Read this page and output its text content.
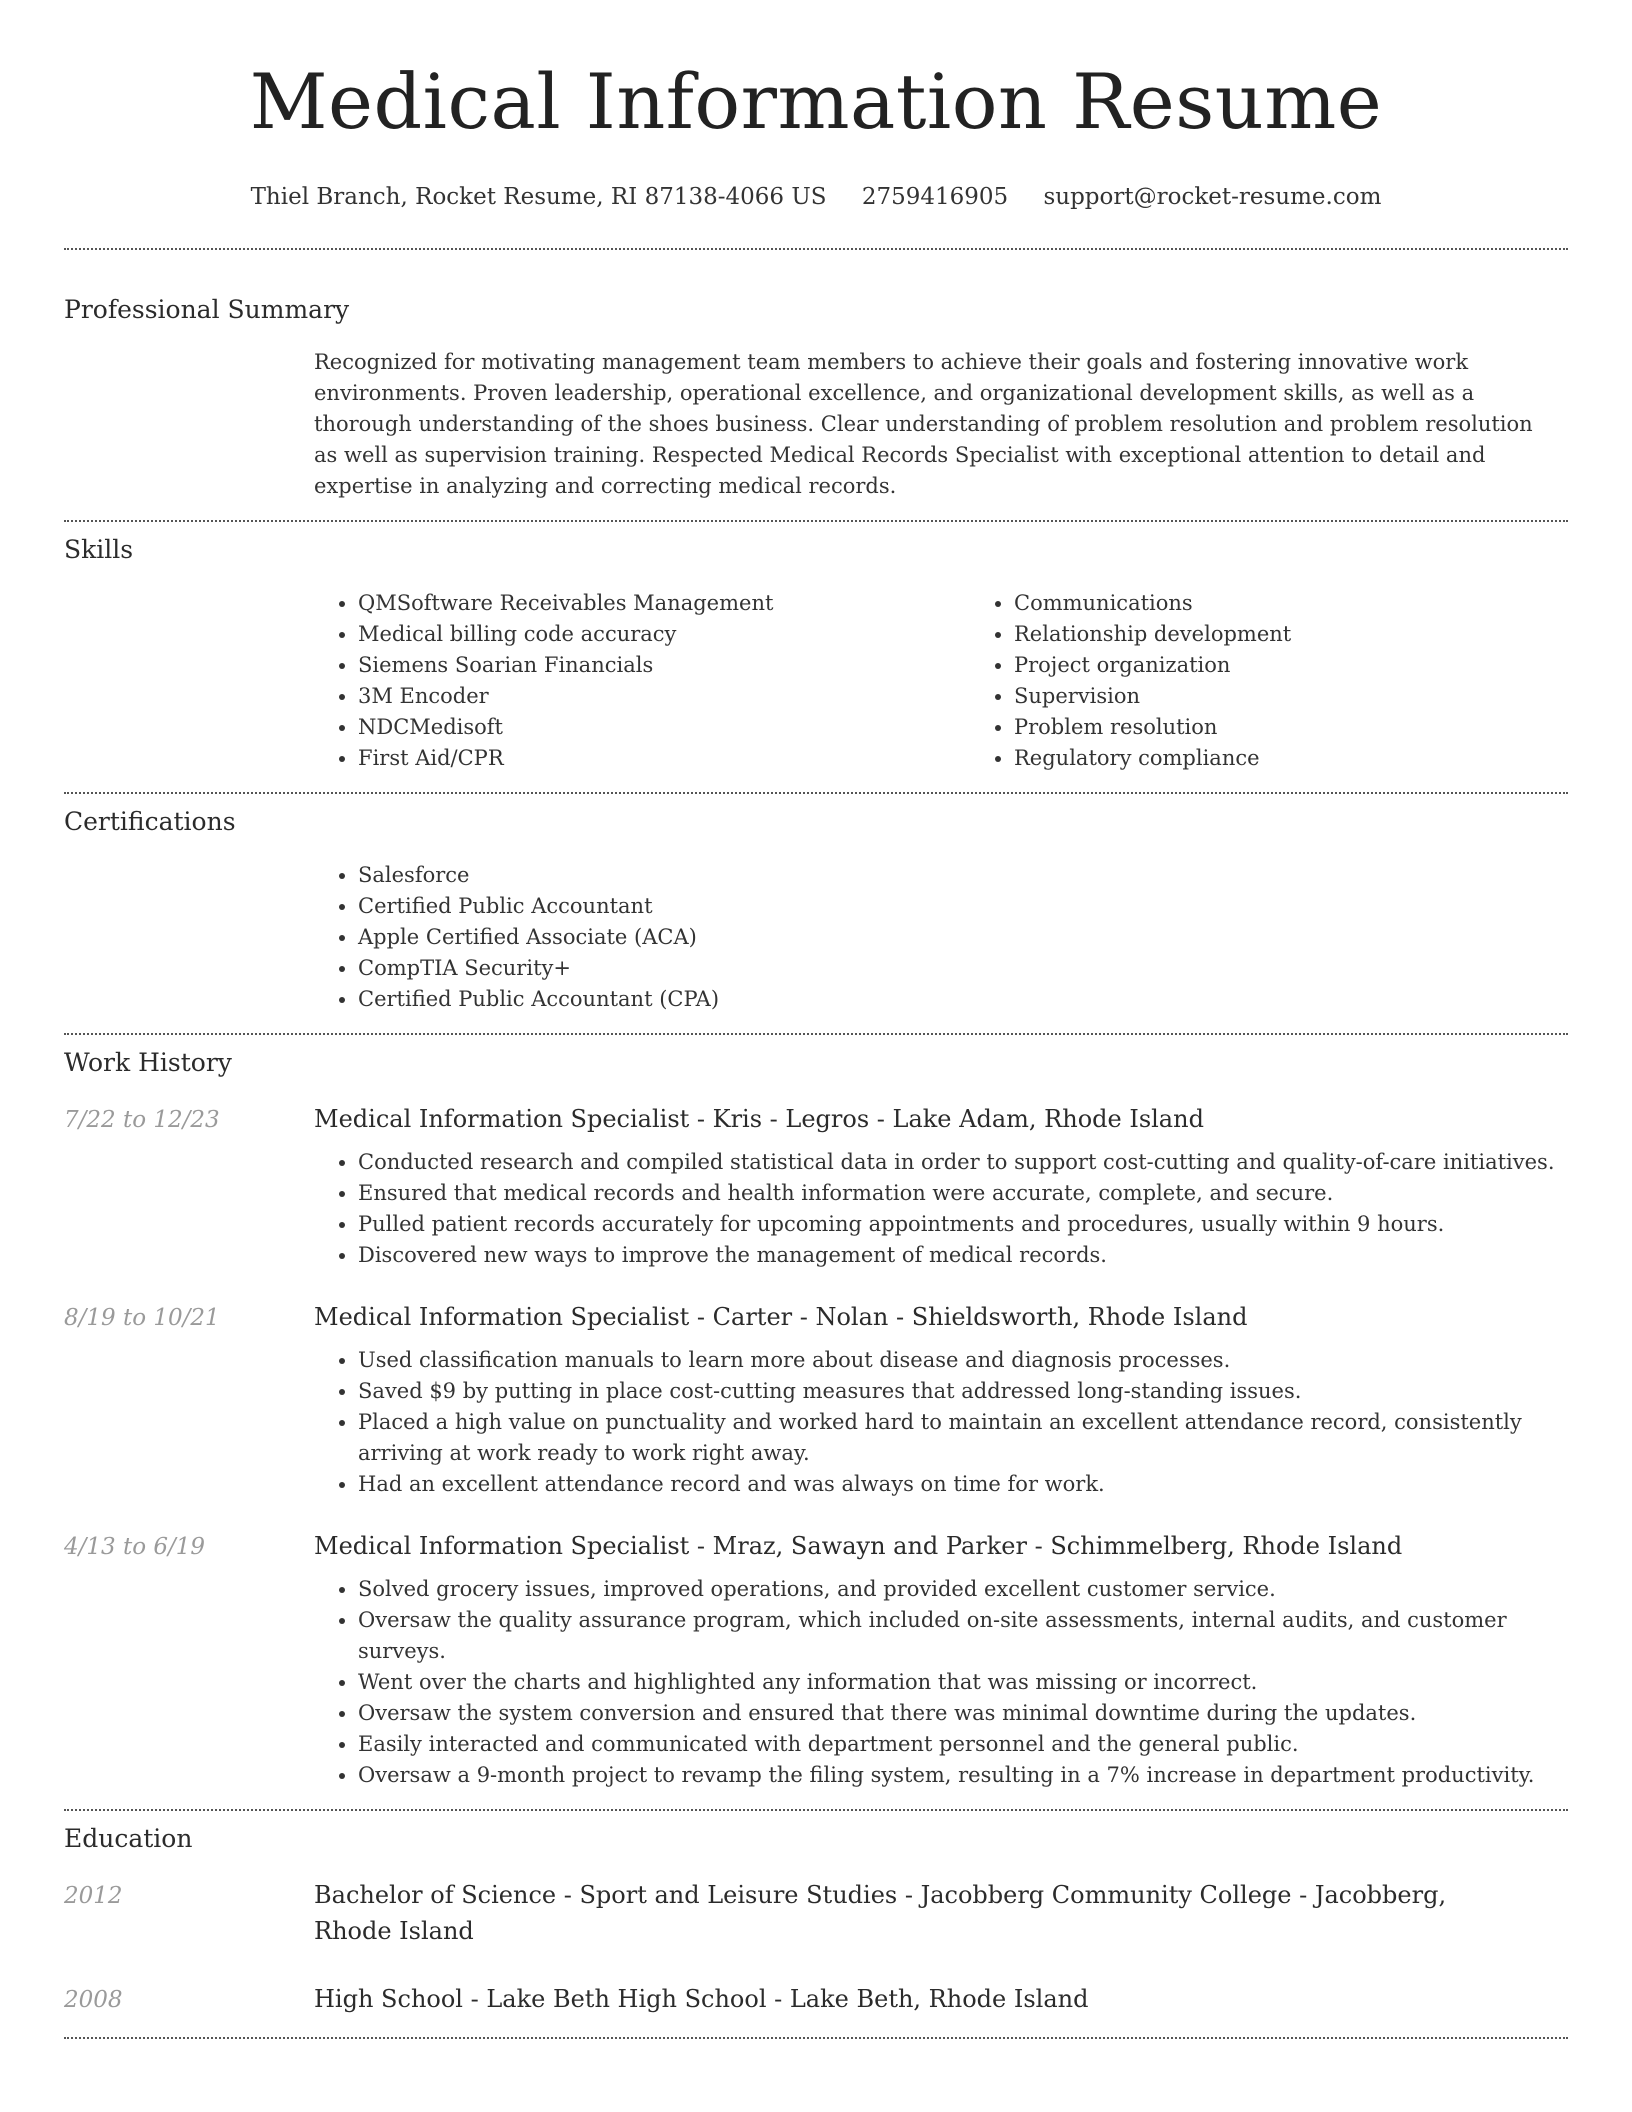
Medical Information Resume
Thiel Branch, Rocket Resume, RI 87138-4066 US 2759416905 support@rocket-resume.com
Professional Summary
Recognized for motivating management team members to achieve their goals and fostering innovative work environments. Proven leadership, operational excellence, and organizational development skills, as well as a thorough understanding of the shoes business. Clear understanding of problem resolution and problem resolution as well as supervision training. Respected Medical Records Specialist with exceptional attention to detail and expertise in analyzing and correcting medical records.
Skills
• QMSoftware Receivables Management
• Medical billing code accuracy
• Siemens Soarian Financials
• 3M Encoder
• NDCMedisoft
• First Aid/CPR
• Communications
• Relationship development
• Project organization
• Supervision
• Problem resolution
• Regulatory compliance
Certifications
• Salesforce
• Certified Public Accountant
• Apple Certified Associate (ACA)
• CompTIA Security+
• Certified Public Accountant (CPA)
Work History
7/22 to 12/23	Medical Information Specialist - Kris - Legros - Lake Adam, Rhode Island
• Conducted research and compiled statistical data in order to support cost-cutting and quality-of-care initiatives.
• Ensured that medical records and health information were accurate, complete, and secure.
• Pulled patient records accurately for upcoming appointments and procedures, usually within 9 hours.
• Discovered new ways to improve the management of medical records.
8/19 to 10/21	Medical Information Specialist - Carter - Nolan - Shieldsworth, Rhode Island
• Used classification manuals to learn more about disease and diagnosis processes.
• Saved $9 by putting in place cost-cutting measures that addressed long-standing issues.
• Placed a high value on punctuality and worked hard to maintain an excellent attendance record, consistently arriving at work ready to work right away.
• Had an excellent attendance record and was always on time for work.
4/13 to 6/19	Medical Information Specialist - Mraz, Sawayn and Parker - Schimmelberg, Rhode Island
• Solved grocery issues, improved operations, and provided excellent customer service.
• Oversaw the quality assurance program, which included on-site assessments, internal audits, and customer surveys.
• Went over the charts and highlighted any information that was missing or incorrect.
• Oversaw the system conversion and ensured that there was minimal downtime during the updates.
• Easily interacted and communicated with department personnel and the general public.
• Oversaw a 9-month project to revamp the filing system, resulting in a 7% increase in department productivity.
Education
2012	Bachelor of Science - Sport and Leisure Studies - Jacobberg Community College - Jacobberg, Rhode Island
2008	High School - Lake Beth High School - Lake Beth, Rhode Island
